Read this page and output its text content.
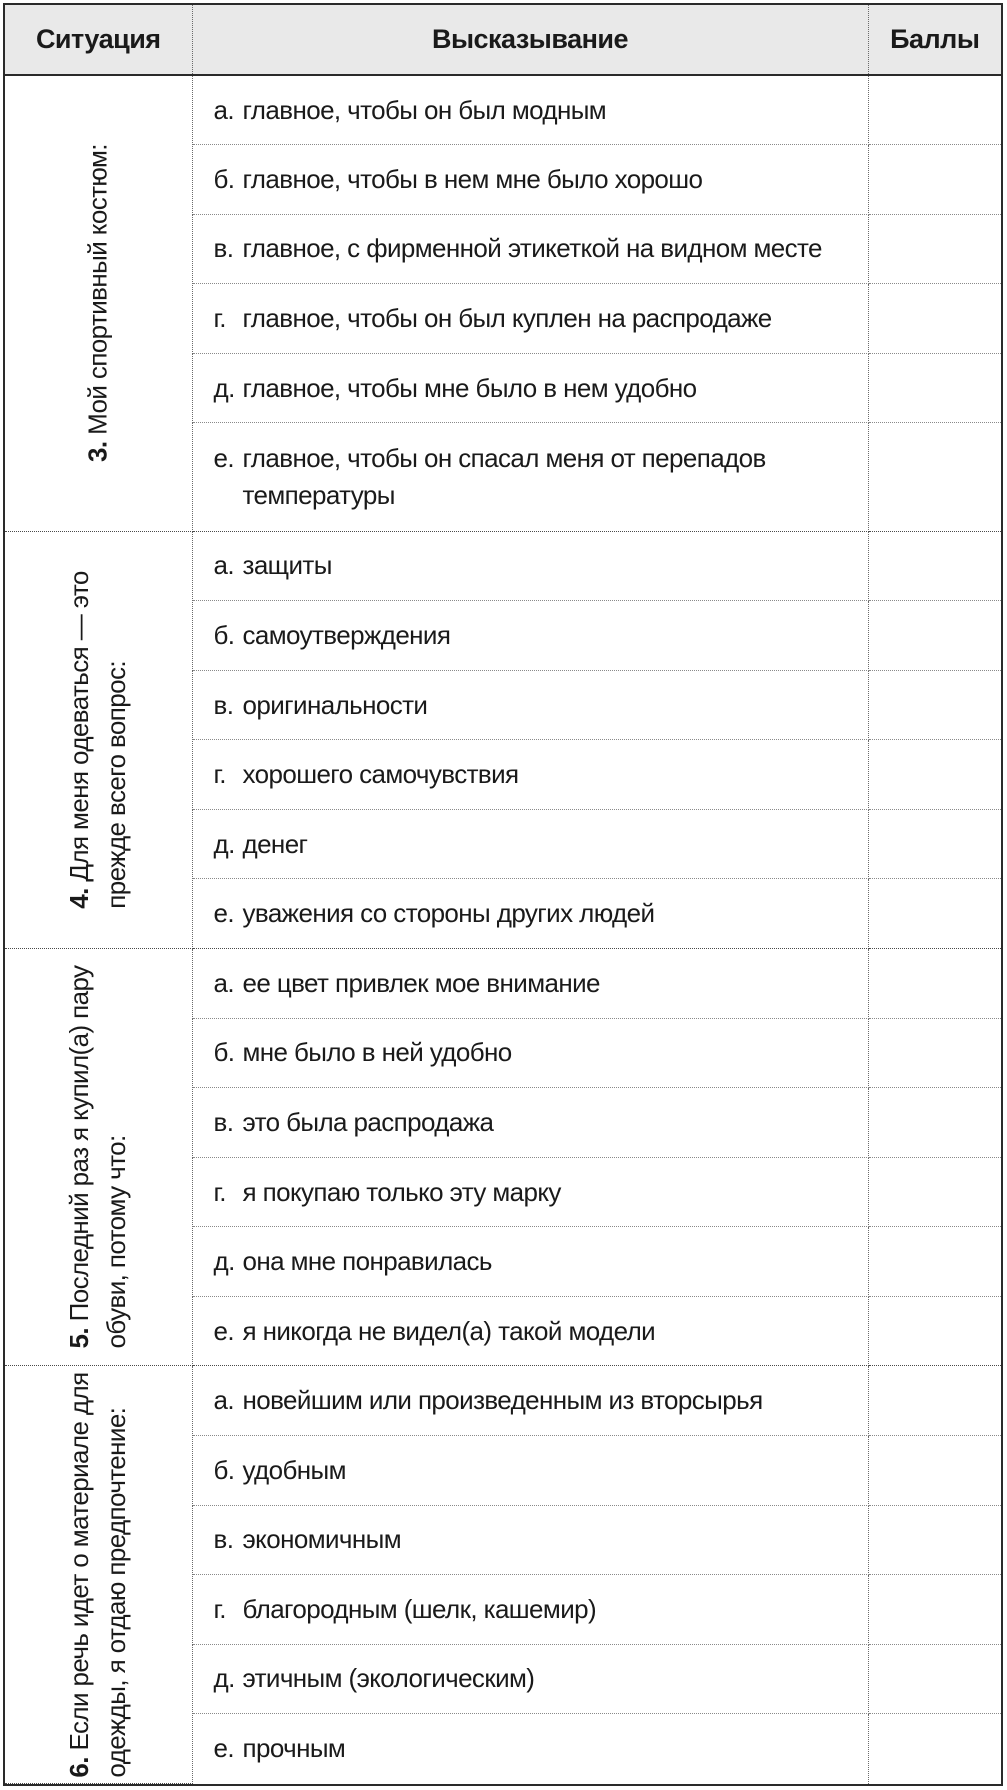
Ситуация	Высказывание	Баллы

3. Мой спортивный костюм:	а. главное, чтобы он был модным	

	б. главное, чтобы в нем мне было хорошо	

	в. главное, с фирменной этикеткой на видном месте	

	г. главное, чтобы он был куплен на распродаже	

	д. главное, чтобы мне было в нем удобно	

	е. главное, чтобы он спасал меня от перепадов температуры	

4. Для меня одеваться — это прежде всего вопрос:	а. защиты	

	б. самоутверждения	

	в. оригинальности	

	г. хорошего самочувствия	

	д. денег	

	е. уважения со стороны других людей	

5. Последний раз я купил(а) пару обуви, потому что:	а. ее цвет привлек мое внимание	

	б. мне было в ней удобно	

	в. это была распродажа	

	г. я покупаю только эту марку	

	д. она мне понравилась	

	е. я никогда не видел(а) такой модели	

6. Если речь идет о материале для одежды, я отдаю предпочтение:	а. новейшим или произведенным из вторсырья	

	б. удобным	

	в. экономичным	

	г. благородным (шелк, кашемир)	

	д. этичным (экологическим)	

	е. прочным	
